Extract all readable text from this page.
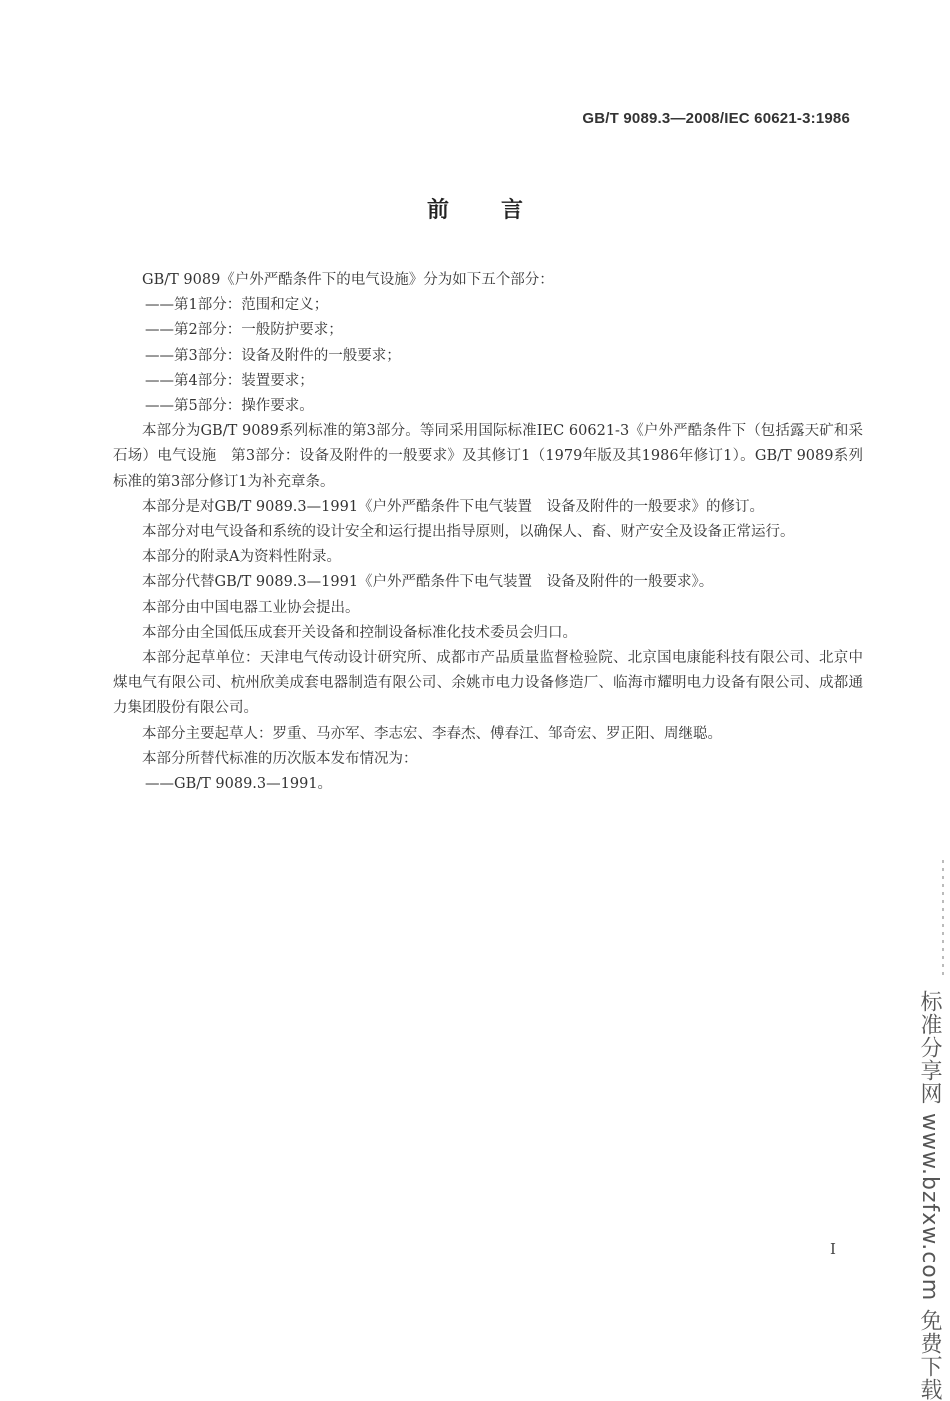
GB/T 9089.3—2008/IEC 60621-3:1986
前 言

GB/T 9089《户外严酷条件下的电气设施》分为如下五个部分：

——第1部分：范围和定义；

——第2部分：一般防护要求；

——第3部分：设备及附件的一般要求；

——第4部分：装置要求；

——第5部分：操作要求。

本部分为GB/T 9089系列标准的第3部分。等同采用国际标准IEC 60621-3《户外严酷条件下（包括露天矿和采石场）电气设施　第3部分：设备及附件的一般要求》及其修订1（1979年版及其1986年修订1）。GB/T 9089系列标准的第3部分修订1为补充章条。

本部分是对GB/T 9089.3—1991《户外严酷条件下电气装置　设备及附件的一般要求》的修订。

本部分对电气设备和系统的设计安全和运行提出指导原则，以确保人、畜、财产安全及设备正常运行。

本部分的附录A为资料性附录。

本部分代替GB/T 9089.3—1991《户外严酷条件下电气装置　设备及附件的一般要求》。

本部分由中国电器工业协会提出。

本部分由全国低压成套开关设备和控制设备标准化技术委员会归口。

本部分起草单位：天津电气传动设计研究所、成都市产品质量监督检验院、北京国电康能科技有限公司、北京中煤电气有限公司、杭州欣美成套电器制造有限公司、余姚市电力设备修造厂、临海市耀明电力设备有限公司、成都通力集团股份有限公司。

本部分主要起草人：罗重、马亦军、李志宏、李春杰、傅春江、邹奇宏、罗正阳、周继聪。

本部分所替代标准的历次版本发布情况为：

——GB/T 9089.3—1991。

I	标准分享网 www.bzfxw.com 免费下载
